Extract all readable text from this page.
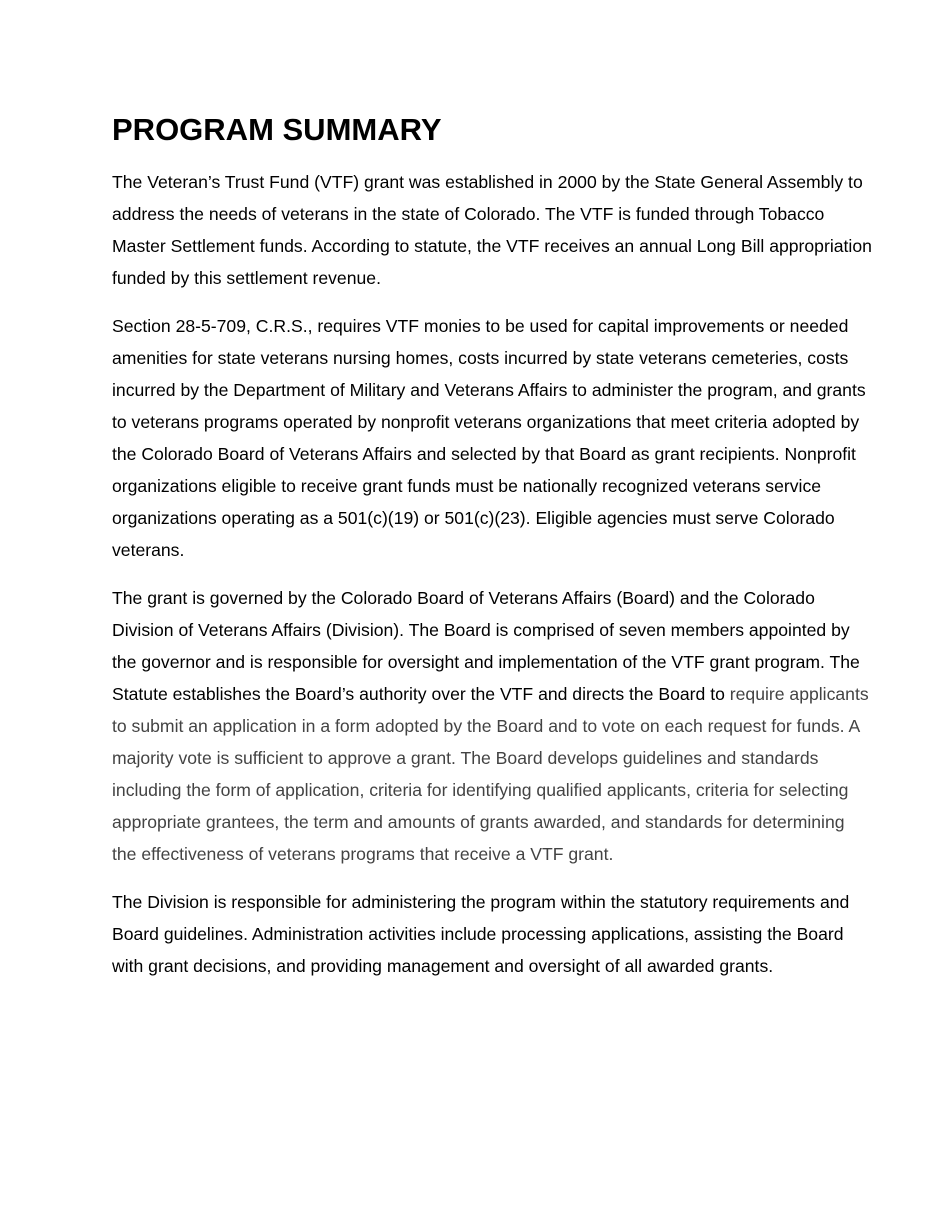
PROGRAM SUMMARY

The Veteran’s Trust Fund (VTF) grant was established in 2000 by the State General Assembly to address the needs of veterans in the state of Colorado. The VTF is funded through Tobacco Master Settlement funds. According to statute, the VTF receives an annual Long Bill appropriation funded by this settlement revenue.

Section 28-5-709, C.R.S., requires VTF monies to be used for capital improvements or needed amenities for state veterans nursing homes, costs incurred by state veterans cemeteries, costs incurred by the Department of Military and Veterans Affairs to administer the program, and grants to veterans programs operated by nonprofit veterans organizations that meet criteria adopted by the Colorado Board of Veterans Affairs and selected by that Board as grant recipients. Nonprofit organizations eligible to receive grant funds must be nationally recognized veterans service organizations operating as a 501(c)(19) or 501(c)(23). Eligible agencies must serve Colorado veterans.

The grant is governed by the Colorado Board of Veterans Affairs (Board) and the Colorado Division of Veterans Affairs (Division). The Board is comprised of seven members appointed by the governor and is responsible for oversight and implementation of the VTF grant program. The Statute establishes the Board’s authority over the VTF and directs the Board to require applicants to submit an application in a form adopted by the Board and to vote on each request for funds. A majority vote is sufficient to approve a grant. The Board develops guidelines and standards including the form of application, criteria for identifying qualified applicants, criteria for selecting appropriate grantees, the term and amounts of grants awarded, and standards for determining the effectiveness of veterans programs that receive a VTF grant.

The Division is responsible for administering the program within the statutory requirements and Board guidelines. Administration activities include processing applications, assisting the Board with grant decisions, and providing management and oversight of all awarded grants.
